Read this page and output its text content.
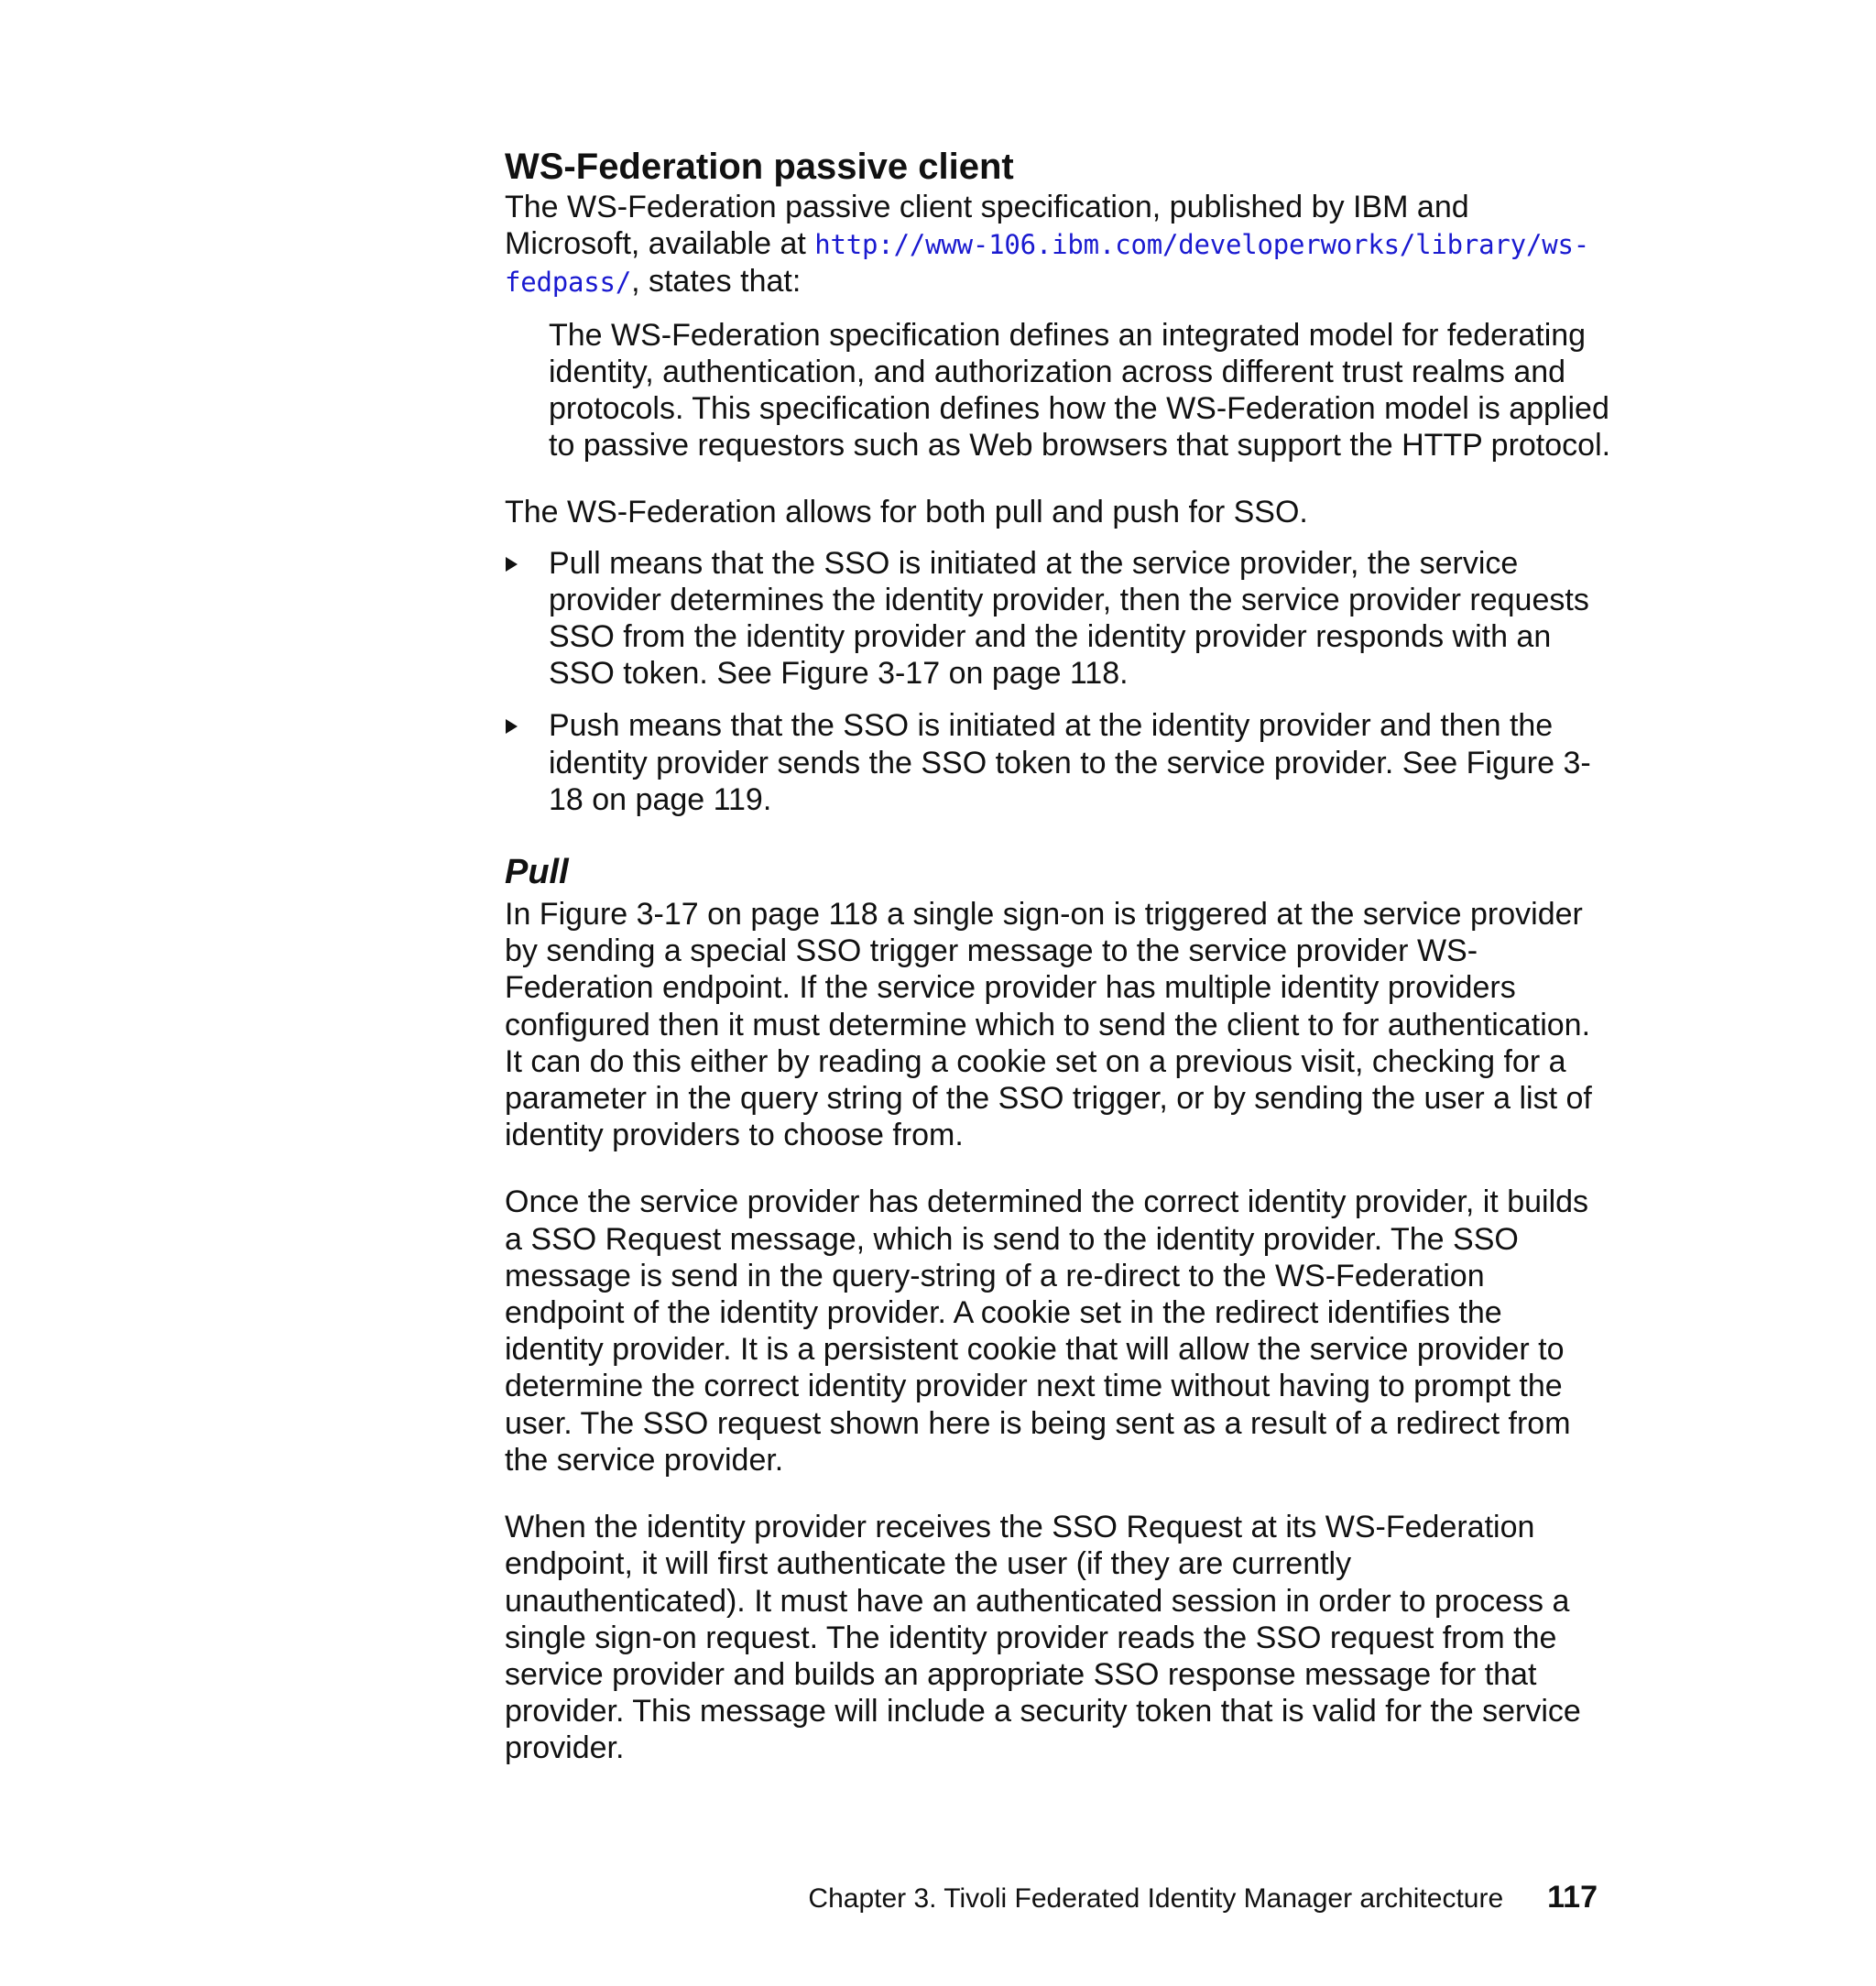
WS-Federation passive client

The WS-Federation passive client specification, published by IBM and Microsoft, available at http://www-106.ibm.com/developerworks/library/ws-fedpass/, states that:

The WS-Federation specification defines an integrated model for federating identity, authentication, and authorization across different trust realms and protocols. This specification defines how the WS-Federation model is applied to passive requestors such as Web browsers that support the HTTP protocol.

The WS-Federation allows for both pull and push for SSO.

Pull means that the SSO is initiated at the service provider, the service provider determines the identity provider, then the service provider requests SSO from the identity provider and the identity provider responds with an SSO token. See Figure 3-17 on page 118.
Push means that the SSO is initiated at the identity provider and then the identity provider sends the SSO token to the service provider. See Figure 3-18 on page 119.
Pull

In Figure 3-17 on page 118 a single sign-on is triggered at the service provider by sending a special SSO trigger message to the service provider WS-Federation endpoint. If the service provider has multiple identity providers configured then it must determine which to send the client to for authentication. It can do this either by reading a cookie set on a previous visit, checking for a parameter in the query string of the SSO trigger, or by sending the user a list of identity providers to choose from.

Once the service provider has determined the correct identity provider, it builds a SSO Request message, which is send to the identity provider. The SSO message is send in the query-string of a re-direct to the WS-Federation endpoint of the identity provider. A cookie set in the redirect identifies the identity provider. It is a persistent cookie that will allow the service provider to determine the correct identity provider next time without having to prompt the user. The SSO request shown here is being sent as a result of a redirect from the service provider.

When the identity provider receives the SSO Request at its WS-Federation endpoint, it will first authenticate the user (if they are currently unauthenticated). It must have an authenticated session in order to process a single sign-on request. The identity provider reads the SSO request from the service provider and builds an appropriate SSO response message for that provider. This message will include a security token that is valid for the service provider.

Chapter 3. Tivoli Federated Identity Manager architecture 117
